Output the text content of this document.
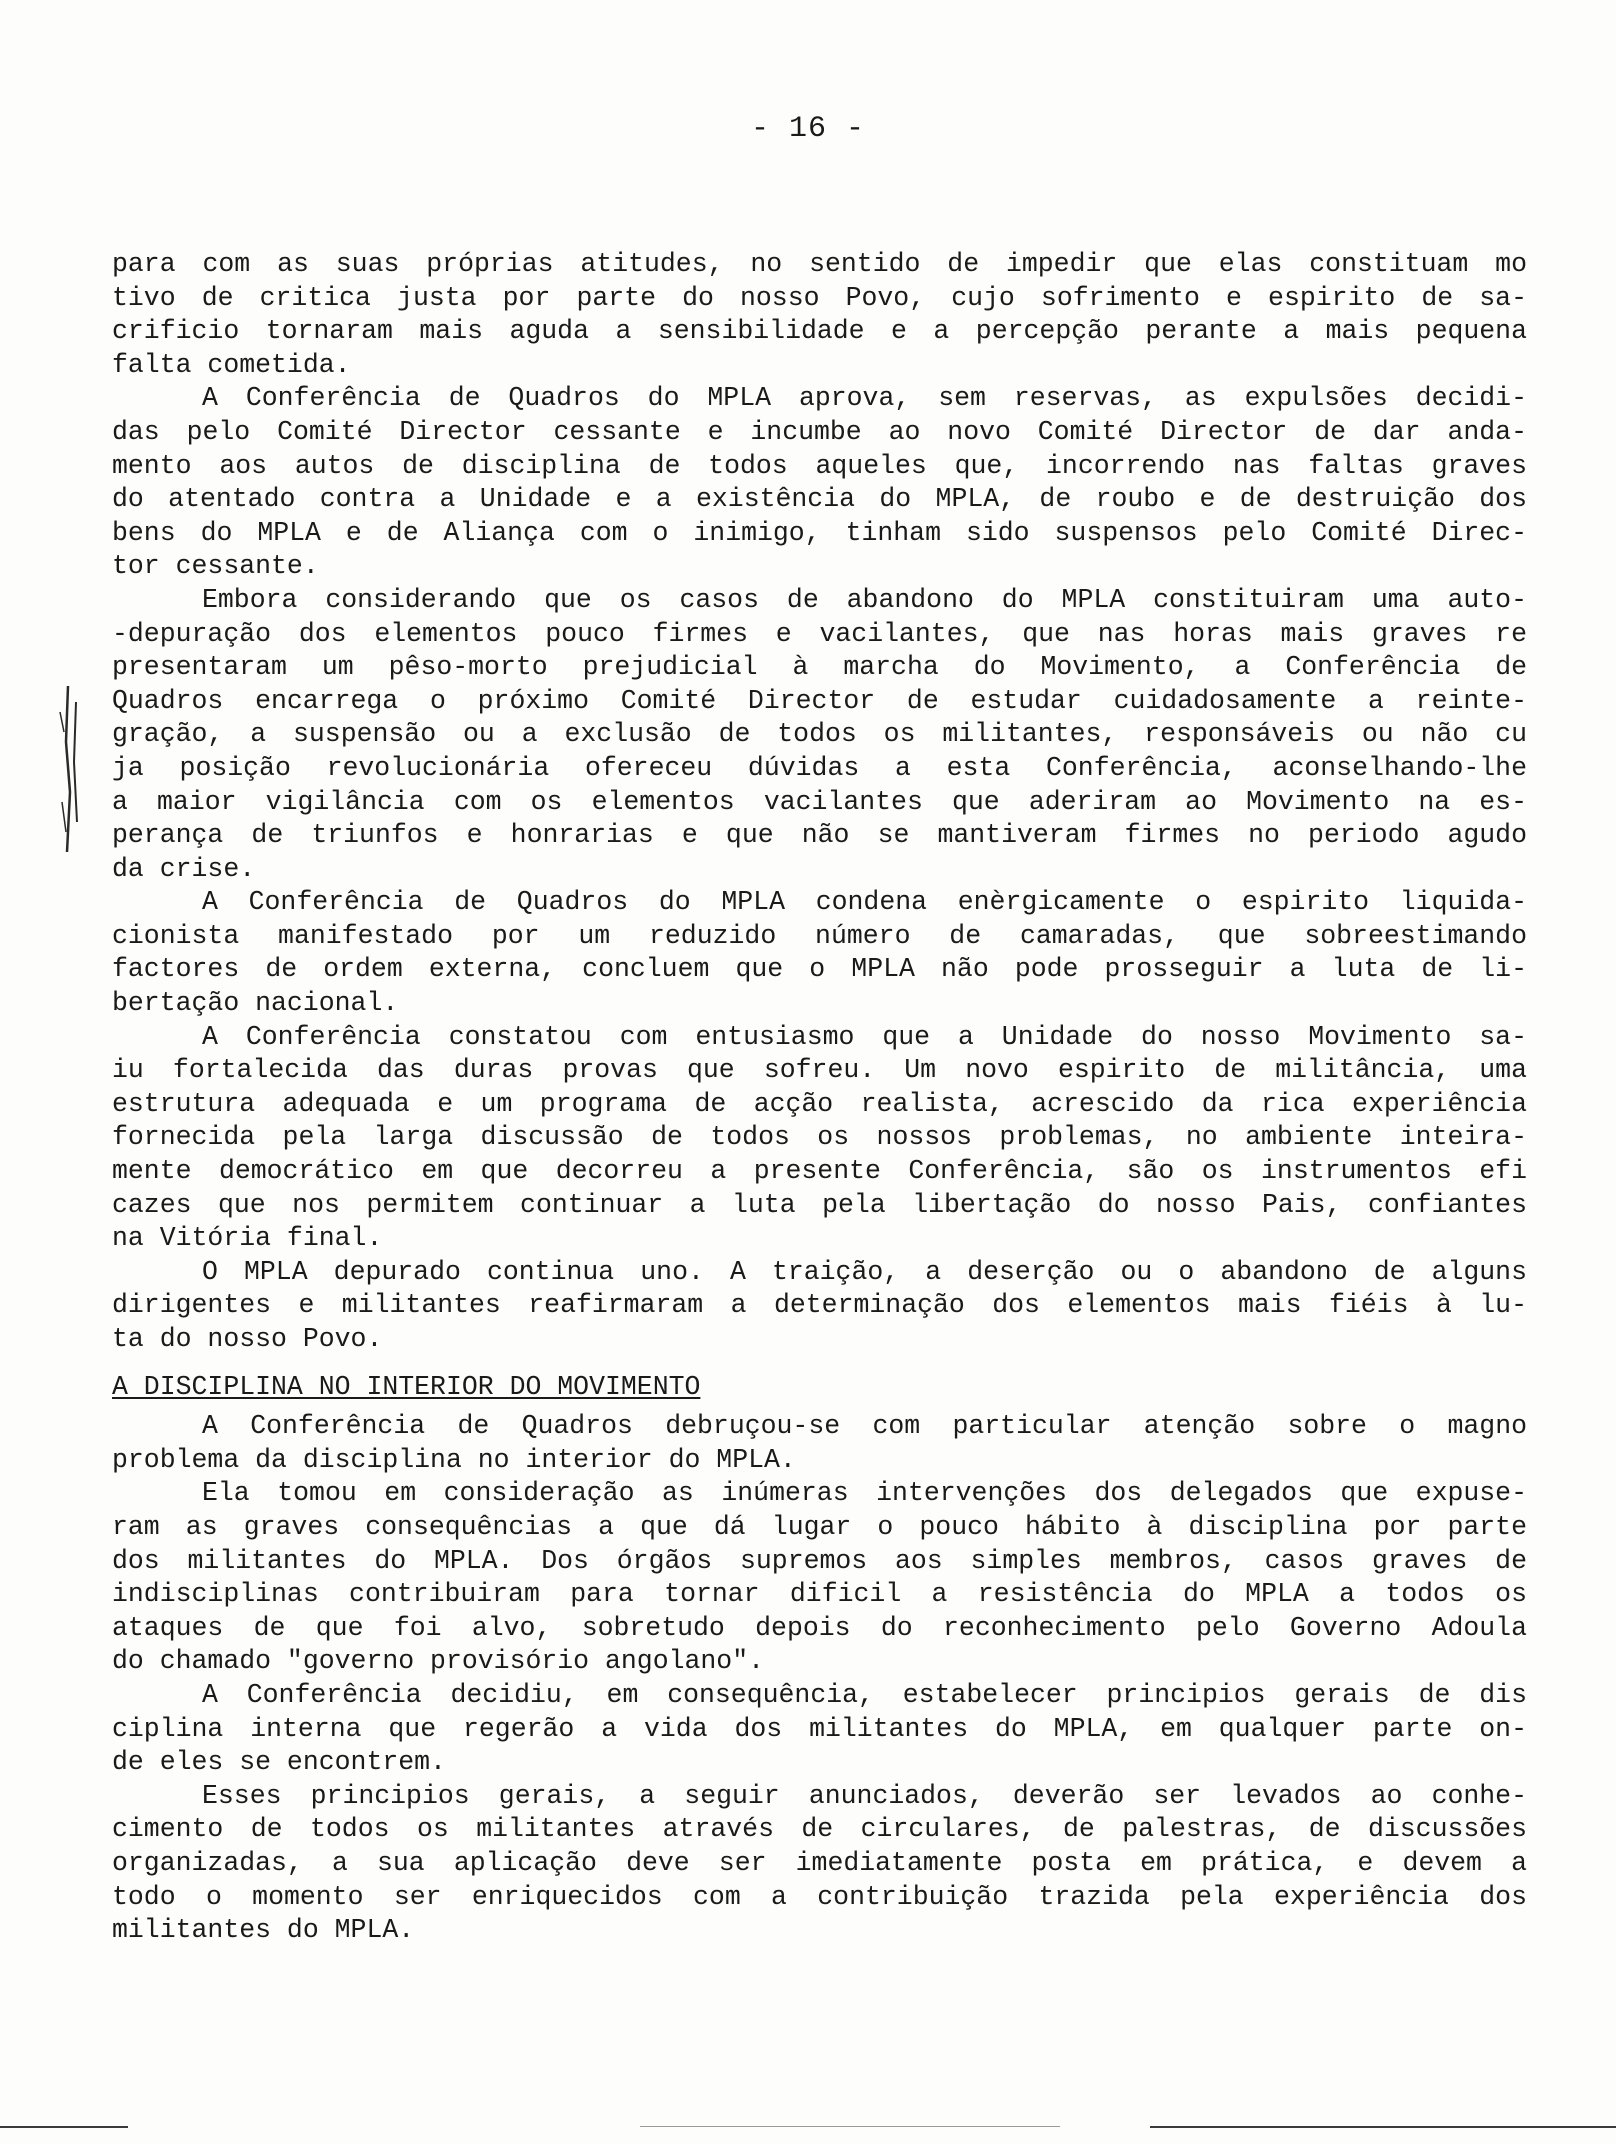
- 16 -
para com as suas próprias atitudes, no sentido de impedir que elas constituam mo
tivo de critica justa por parte do nosso Povo, cujo sofrimento e espirito de sa-
crificio tornaram mais aguda a sensibilidade e a percepção perante a mais pequena
falta cometida.
A Conferência de Quadros do MPLA aprova, sem reservas, as expulsões decidi-
das pelo Comité Director cessante e incumbe ao novo Comité Director de dar anda-
mento aos autos de disciplina de todos aqueles que, incorrendo nas faltas graves
do atentado contra a Unidade e a existência do MPLA, de roubo e de destruição dos
bens do MPLA e de Aliança com o inimigo, tinham sido suspensos pelo Comité Direc-
tor cessante.
Embora considerando que os casos de abandono do MPLA constituiram uma auto-
-depuração dos elementos pouco firmes e vacilantes, que nas horas mais graves re
presentaram um pêso-morto prejudicial à marcha do Movimento, a Conferência de
Quadros encarrega o próximo Comité Director de estudar cuidadosamente a reinte-
gração, a suspensão ou a exclusão de todos os militantes, responsáveis ou não cu
ja posição revolucionária ofereceu dúvidas a esta Conferência, aconselhando-lhe
a maior vigilância com os elementos vacilantes que aderiram ao Movimento na es-
perança de triunfos e honrarias e que não se mantiveram firmes no periodo agudo
da crise.
A Conferência de Quadros do MPLA condena enèrgicamente o espirito liquida-
cionista manifestado por um reduzido número de camaradas, que sobreestimando
factores de ordem externa, concluem que o MPLA não pode prosseguir a luta de li-
bertação nacional.
A Conferência constatou com entusiasmo que a Unidade do nosso Movimento sa-
iu fortalecida das duras provas que sofreu. Um novo espirito de militância, uma
estrutura adequada e um programa de acção realista, acrescido da rica experiência
fornecida pela larga discussão de todos os nossos problemas, no ambiente inteira-
mente democrático em que decorreu a presente Conferência, são os instrumentos efi
cazes que nos permitem continuar a luta pela libertação do nosso Pais, confiantes
na Vitória final.
O MPLA depurado continua uno. A traição, a deserção ou o abandono de alguns
dirigentes e militantes reafirmaram a determinação dos elementos mais fiéis à lu-
ta do nosso Povo.
A DISCIPLINA NO INTERIOR DO MOVIMENTO
A Conferência de Quadros debruçou-se com particular atenção sobre o magno
problema da disciplina no interior do MPLA.
Ela tomou em consideração as inúmeras intervenções dos delegados que expuse-
ram as graves consequências a que dá lugar o pouco hábito à disciplina por parte
dos militantes do MPLA. Dos órgãos supremos aos simples membros, casos graves de
indisciplinas contribuiram para tornar dificil a resistência do MPLA a todos os
ataques de que foi alvo, sobretudo depois do reconhecimento pelo Governo Adoula
do chamado "governo provisório angolano".
A Conferência decidiu, em consequência, estabelecer principios gerais de dis
ciplina interna que regerão a vida dos militantes do MPLA, em qualquer parte on-
de eles se encontrem.
Esses principios gerais, a seguir anunciados, deverão ser levados ao conhe-
cimento de todos os militantes através de circulares, de palestras, de discussões
organizadas, a sua aplicação deve ser imediatamente posta em prática, e devem a
todo o momento ser enriquecidos com a contribuição trazida pela experiência dos
militantes do MPLA.
